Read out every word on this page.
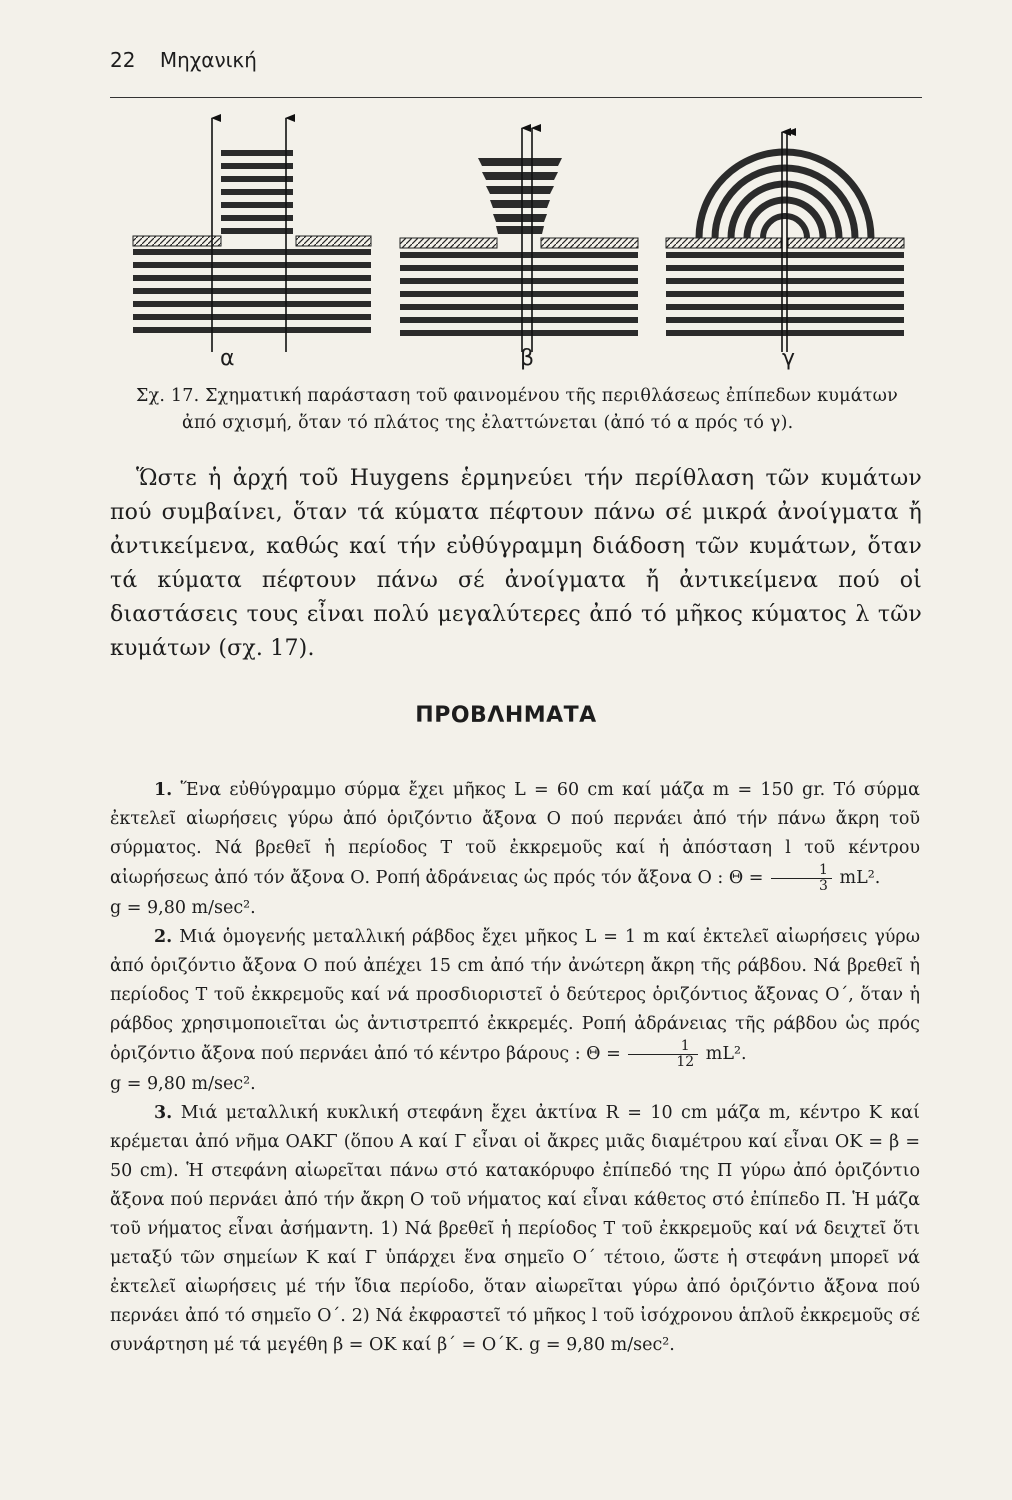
22 Μηχανική
α	β	γ
Σχ. 17. Σχηματική παράσταση τοῦ φαινομένου τῆς περιθλάσεως ἐπίπεδων κυμάτων
ἀπό σχισμή, ὅταν τό πλάτος της ἐλαττώνεται (ἀπό τό α πρός τό γ).

Ὥστε ἡ ἀρχή τοῦ Huygens ἑρμηνεύει τήν περίθλαση τῶν κυμάτων πού συμβαίνει, ὅταν τά κύματα πέφτουν πάνω σέ μικρά ἀνοίγματα ἤ ἀντικείμενα, καθώς καί τήν εὐθύγραμμη διάδοση τῶν κυμάτων, ὅταν τά κύματα πέφτουν πάνω σέ ἀνοίγματα ἤ ἀντικείμενα πού οἱ διαστάσεις τους εἶναι πολύ μεγαλύτερες ἀπό τό μῆκος κύματος λ τῶν κυμάτων (σχ. 17).

ΠΡΟΒΛΗΜΑΤΑ

1. Ἕνα εὐθύγραμμο σύρμα ἔχει μῆκος L = 60 cm καί μάζα m = 150 gr. Τό σύρμα ἐκτελεῖ αἰωρήσεις γύρω ἀπό ὁριζόντιο ἄξονα Ο πού περνάει ἀπό τήν πάνω ἄκρη τοῦ σύρματος. Νά βρεθεῖ ἡ περίοδος Τ τοῦ ἐκκρεμοῦς καί ἡ ἀπόσταση l τοῦ κέντρου αἰωρήσεως ἀπό τόν ἄξονα Ο. Ροπή ἀδράνειας ὡς πρός τόν ἄξονα Ο : $\Theta = \frac{1}{3} mL^2$.

g = 9,80 m/sec².

2. Μιά ὁμογενής μεταλλική ράβδος ἔχει μῆκος L = 1 m καί ἐκτελεῖ αἰωρήσεις γύρω ἀπό ὁριζόντιο ἄξονα Ο πού ἀπέχει 15 cm ἀπό τήν ἀνώτερη ἄκρη τῆς ράβδου. Νά βρεθεῖ ἡ περίοδος Τ τοῦ ἐκκρεμοῦς καί νά προσδιοριστεῖ ὁ δεύτερος ὁριζόντιος ἄξονας Ο΄, ὅταν ἡ ράβδος χρησιμοποιεῖται ὡς ἀντιστρεπτό ἐκκρεμές. Ροπή ἀδράνειας τῆς ράβδου ὡς πρός ὁριζόντιο ἄξονα πού περνάει ἀπό τό κέντρο βάρους : $\Theta = \frac{1}{12} mL^2$.

g = 9,80 m/sec².

3. Μιά μεταλλική κυκλική στεφάνη ἔχει ἀκτίνα R = 10 cm μάζα m, κέντρο Κ καί κρέμεται ἀπό νῆμα ΟΑΚΓ (ὅπου Α καί Γ εἶναι οἱ ἄκρες μιᾶς διαμέτρου καί εἶναι ΟΚ = β = 50 cm). Ἡ στεφάνη αἰωρεῖται πάνω στό κατακόρυφο ἐπίπεδό της Π γύρω ἀπό ὁριζόντιο ἄξονα πού περνάει ἀπό τήν ἄκρη Ο τοῦ νήματος καί εἶναι κάθετος στό ἐπίπεδο Π. Ἡ μάζα τοῦ νήματος εἶναι ἀσήμαντη. 1) Νά βρεθεῖ ἡ περίοδος Τ τοῦ ἐκκρεμοῦς καί νά δειχτεῖ ὅτι μεταξύ τῶν σημείων Κ καί Γ ὑπάρχει ἕνα σημεῖο Ο΄ τέτοιο, ὥστε ἡ στεφάνη μπορεῖ νά ἐκτελεῖ αἰωρήσεις μέ τήν ἴδια περίοδο, ὅταν αἰωρεῖται γύρω ἀπό ὁριζόντιο ἄξονα πού περνάει ἀπό τό σημεῖο Ο΄. 2) Νά ἐκφραστεῖ τό μῆκος l τοῦ ἰσόχρονου ἁπλοῦ ἐκκρεμοῦς σέ συνάρτηση μέ τά μεγέθη β = ΟΚ καί β΄ = Ο΄Κ. g = 9,80 m/sec².
